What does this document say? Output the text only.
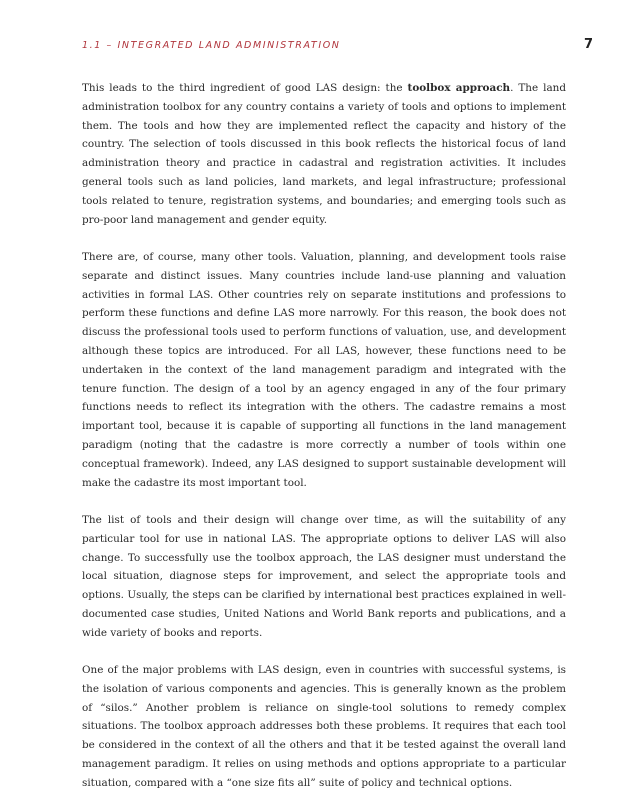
1.1 – INTEGRATED LAND ADMINISTRATION	7

This leads to the third ingredient of good LAS design: the toolbox approach. The land administration toolbox for any country contains a variety of tools and options to implement them. The tools and how they are implemented reflect the capacity and history of the country. The selection of tools discussed in this book reflects the historical focus of land administration theory and practice in cadastral and registration activities. It includes general tools such as land policies, land markets, and legal infrastructure; professional tools related to tenure, registration systems, and boundaries; and emerging tools such as pro-poor land management and gender equity.

There are, of course, many other tools. Valuation, planning, and development tools raise separate and distinct issues. Many countries include land-use planning and valuation activities in formal LAS. Other countries rely on separate institutions and professions to perform these functions and define LAS more narrowly. For this reason, the book does not discuss the professional tools used to perform functions of valuation, use, and development although these topics are introduced. For all LAS, however, these functions need to be undertaken in the context of the land management paradigm and integrated with the tenure function. The design of a tool by an agency engaged in any of the four primary functions needs to reflect its integration with the others. The cadastre remains a most important tool, because it is capable of supporting all functions in the land management paradigm (noting that the cadastre is more correctly a number of tools within one conceptual framework). Indeed, any LAS designed to support sustainable development will make the cadastre its most important tool.

The list of tools and their design will change over time, as will the suitability of any particular tool for use in national LAS. The appropriate options to deliver LAS will also change. To successfully use the toolbox approach, the LAS designer must understand the local situation, diagnose steps for improvement, and select the appropriate tools and options. Usually, the steps can be clarified by international best practices explained in well-documented case studies, United Nations and World Bank reports and publications, and a wide variety of books and reports.

One of the major problems with LAS design, even in countries with successful systems, is the isolation of various components and agencies. This is generally known as the problem of “silos.” Another problem is reliance on single-tool solutions to remedy complex situations. The toolbox approach addresses both these problems. It requires that each tool be considered in the context of all the others and that it be tested against the overall land management paradigm. It relies on using methods and options appropriate to a particular situation, compared with a “one size fits all” suite of policy and technical options.
